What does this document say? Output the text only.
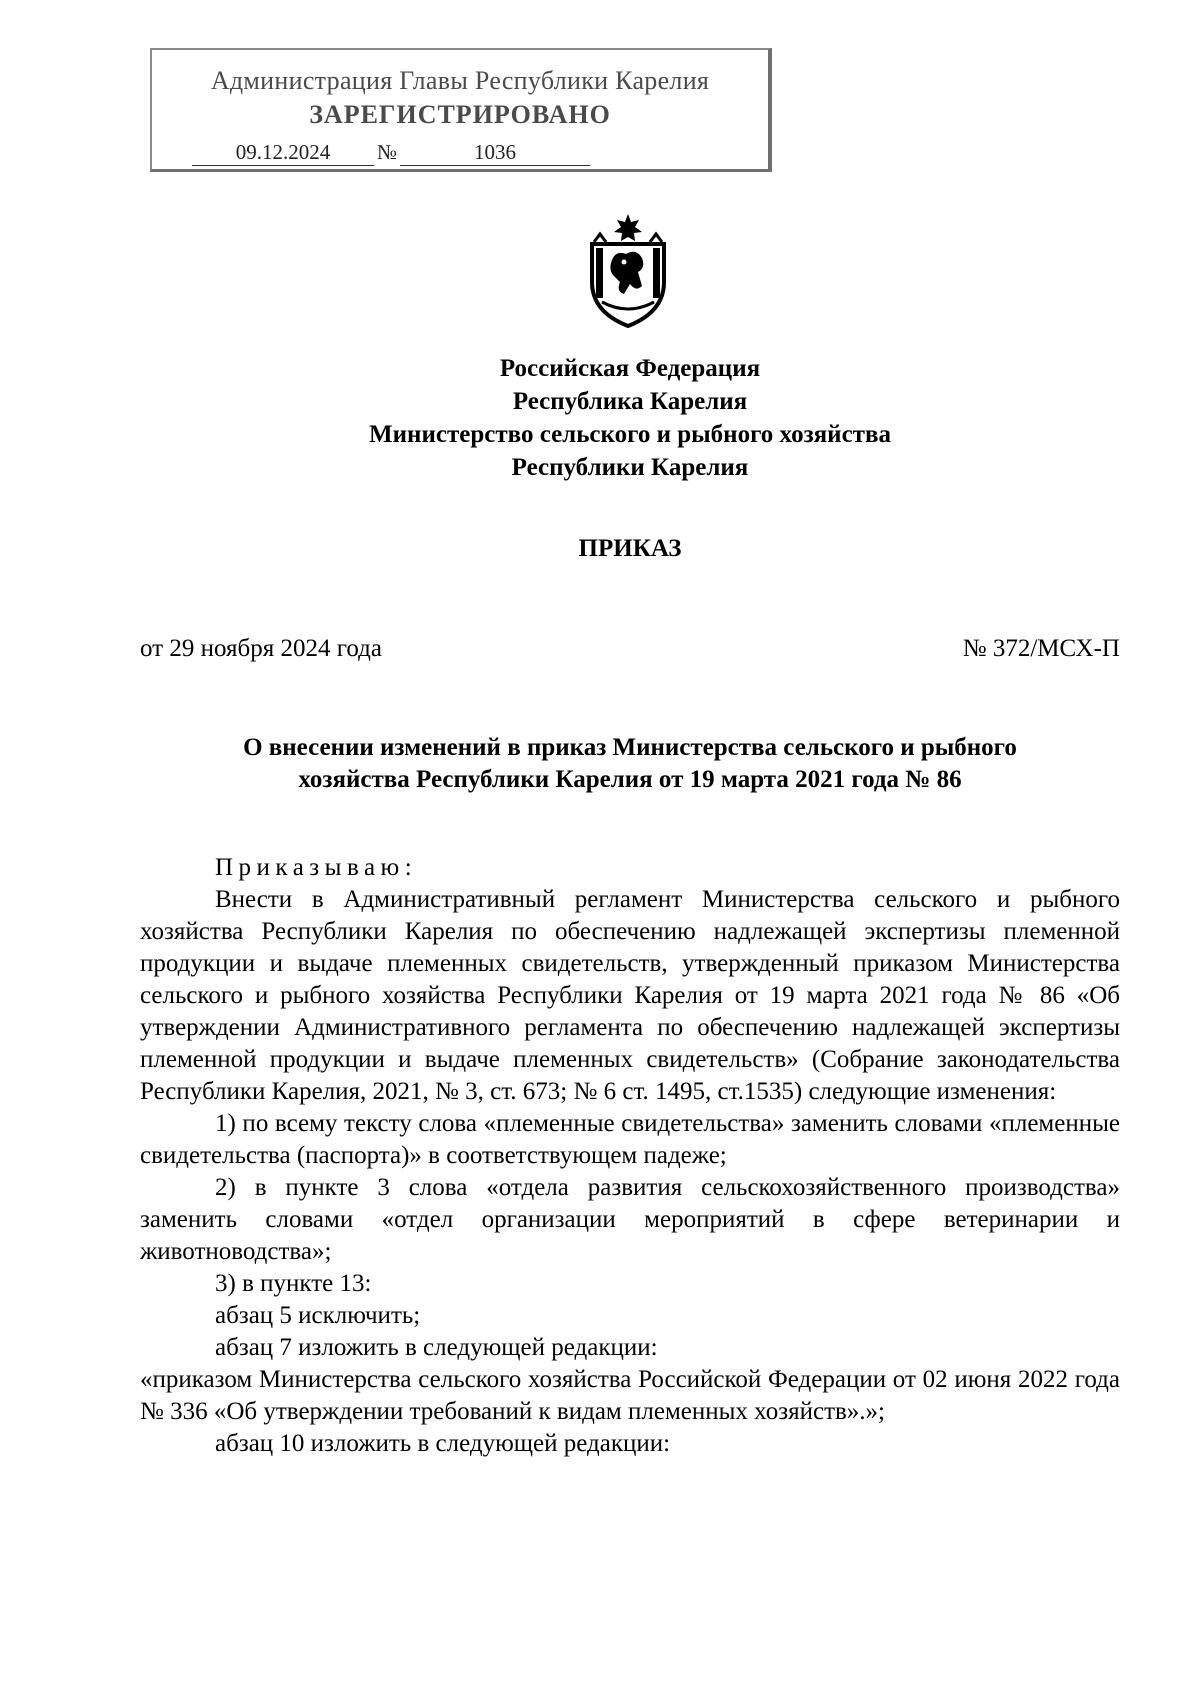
Администрация Главы Республики Карелия
ЗАРЕГИСТРИРОВАНО
09.12.2024 №	1036
Российская Федерация
Республика Карелия
Министерство сельского и рыбного хозяйства
Республики Карелия
ПРИКАЗ
от 29 ноября 2024 года	№ 372/МСХ-П
О внесении изменений в приказ Министерства сельского и рыбного
хозяйства Республики Карелия от 19 марта 2021 года № 86

Приказываю:

Внести в Административный регламент Министерства сельского и рыбного хозяйства Республики Карелия по обеспечению надлежащей экспертизы племенной продукции и выдаче племенных свидетельств, утвержденный приказом Министерства сельского и рыбного хозяйства Республики Карелия от 19 марта 2021 года № 86 «Об утверждении Административного регламента по обеспечению надлежащей экспертизы племенной продукции и выдаче племенных свидетельств» (Собрание законодательства Республики Карелия, 2021, № 3, ст. 673; № 6 ст. 1495, ст.1535) следующие изменения:

1) по всему тексту слова «племенные свидетельства» заменить словами «племенные свидетельства (паспорта)» в соответствующем падеже;

2) в пункте 3 слова «отдела развития сельскохозяйственного производства» заменить словами «отдел организации мероприятий в сфере ветеринарии и животноводства»;

3) в пункте 13:

абзац 5 исключить;

абзац 7 изложить в следующей редакции:

«приказом Министерства сельского хозяйства Российской Федерации от 02 июня 2022 года № 336 «Об утверждении требований к видам племенных хозяйств».»;

абзац 10 изложить в следующей редакции:
